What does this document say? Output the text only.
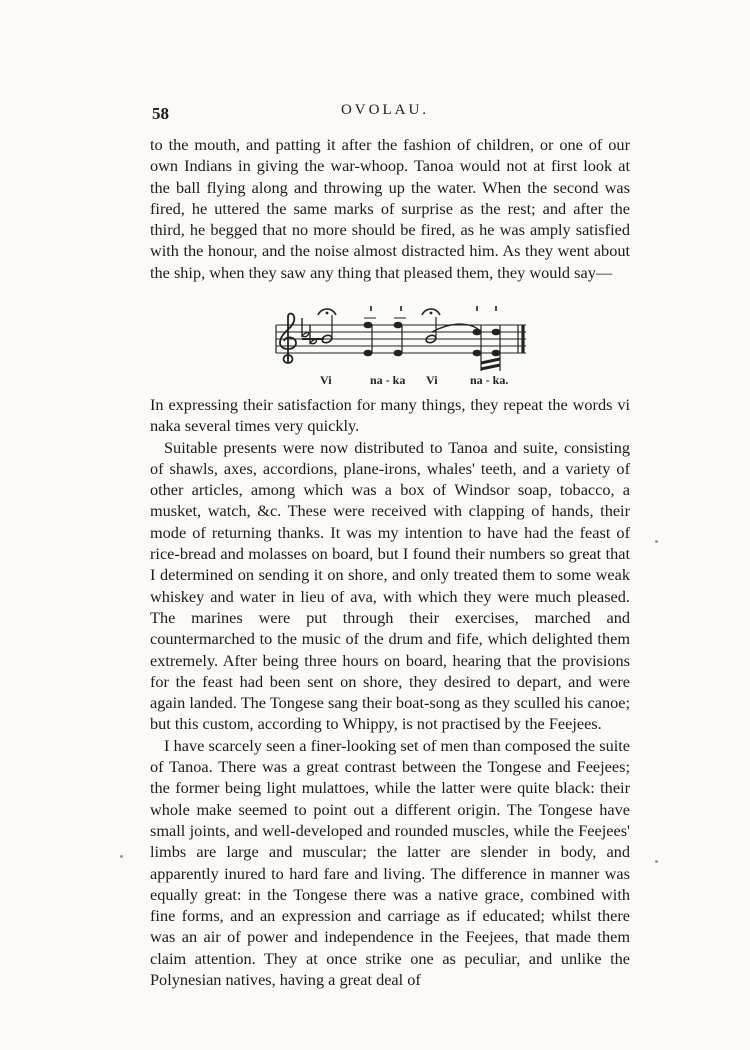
58	OVOLAU.

to the mouth, and patting it after the fashion of children, or one of our own Indians in giving the war-whoop. Tanoa would not at first look at the ball flying along and throwing up the water. When the second was fired, he uttered the same marks of surprise as the rest; and after the third, he begged that no more should be fired, as he was amply satisfied with the honour, and the noise almost distracted him. As they went about the ship, when they saw any thing that pleased them, they would say—

Vi	na - ka Vi	na - ka.

In expressing their satisfaction for many things, they repeat the words vi naka several times very quickly.

Suitable presents were now distributed to Tanoa and suite, consisting of shawls, axes, accordions, plane-irons, whales' teeth, and a variety of other articles, among which was a box of Windsor soap, tobacco, a musket, watch, &c. These were received with clapping of hands, their mode of returning thanks. It was my intention to have had the feast of rice-bread and molasses on board, but I found their numbers so great that I determined on sending it on shore, and only treated them to some weak whiskey and water in lieu of ava, with which they were much pleased. The marines were put through their exercises, marched and countermarched to the music of the drum and fife, which delighted them extremely. After being three hours on board, hearing that the provisions for the feast had been sent on shore, they desired to depart, and were again landed. The Tongese sang their boat-song as they sculled his canoe; but this custom, according to Whippy, is not practised by the Feejees.

I have scarcely seen a finer-looking set of men than composed the suite of Tanoa. There was a great contrast between the Tongese and Feejees; the former being light mulattoes, while the latter were quite black: their whole make seemed to point out a different origin. The Tongese have small joints, and well-developed and rounded muscles, while the Feejees' limbs are large and muscular; the latter are slender in body, and apparently inured to hard fare and living. The difference in manner was equally great: in the Tongese there was a native grace, combined with fine forms, and an expression and carriage as if educated; whilst there was an air of power and independence in the Feejees, that made them claim attention. They at once strike one as peculiar, and unlike the Polynesian natives, having a great deal of
